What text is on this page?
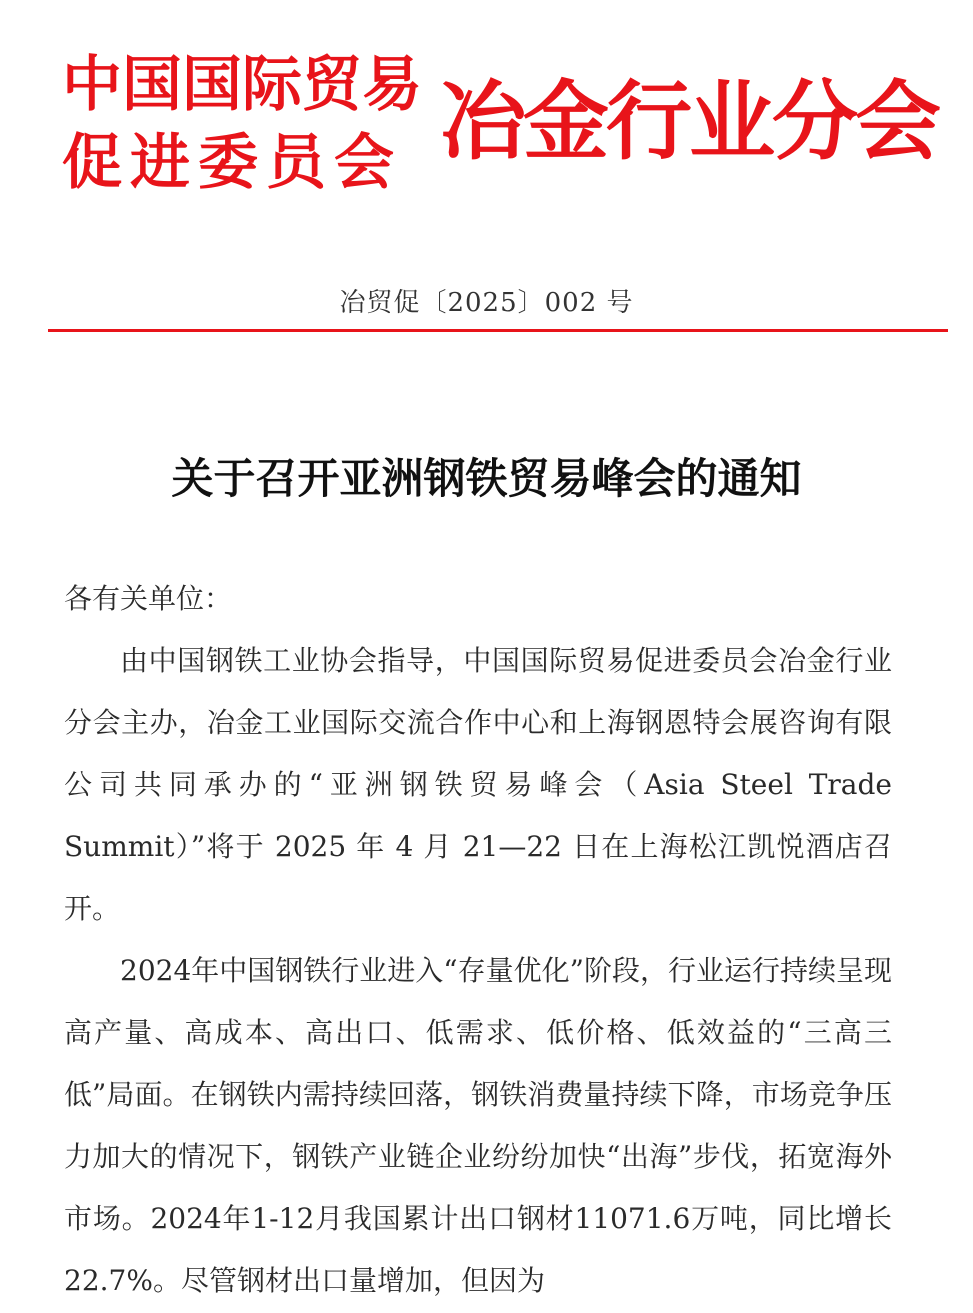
中国国际贸易
促进委员会 冶金行业分会
冶贸促〔2025〕002 号
关于召开亚洲钢铁贸易峰会的通知

各有关单位：

由中国钢铁工业协会指导，中国国际贸易促进委员会冶金行业分会主办，冶金工业国际交流合作中心和上海钢恩特会展咨询有限公司共同承办的“亚洲钢铁贸易峰会（Asia Steel Trade Summit）”将于 2025 年 4 月 21—22 日在上海松江凯悦酒店召开。

2024年中国钢铁行业进入“存量优化”阶段，行业运行持续呈现高产量、高成本、高出口、低需求、低价格、低效益的“三高三低”局面。在钢铁内需持续回落，钢铁消费量持续下降，市场竞争压力加大的情况下，钢铁产业链企业纷纷加快“出海”步伐，拓宽海外市场。2024年1-12月我国累计出口钢材11071.6万吨，同比增长22.7%。尽管钢材出口量增加，但因为
